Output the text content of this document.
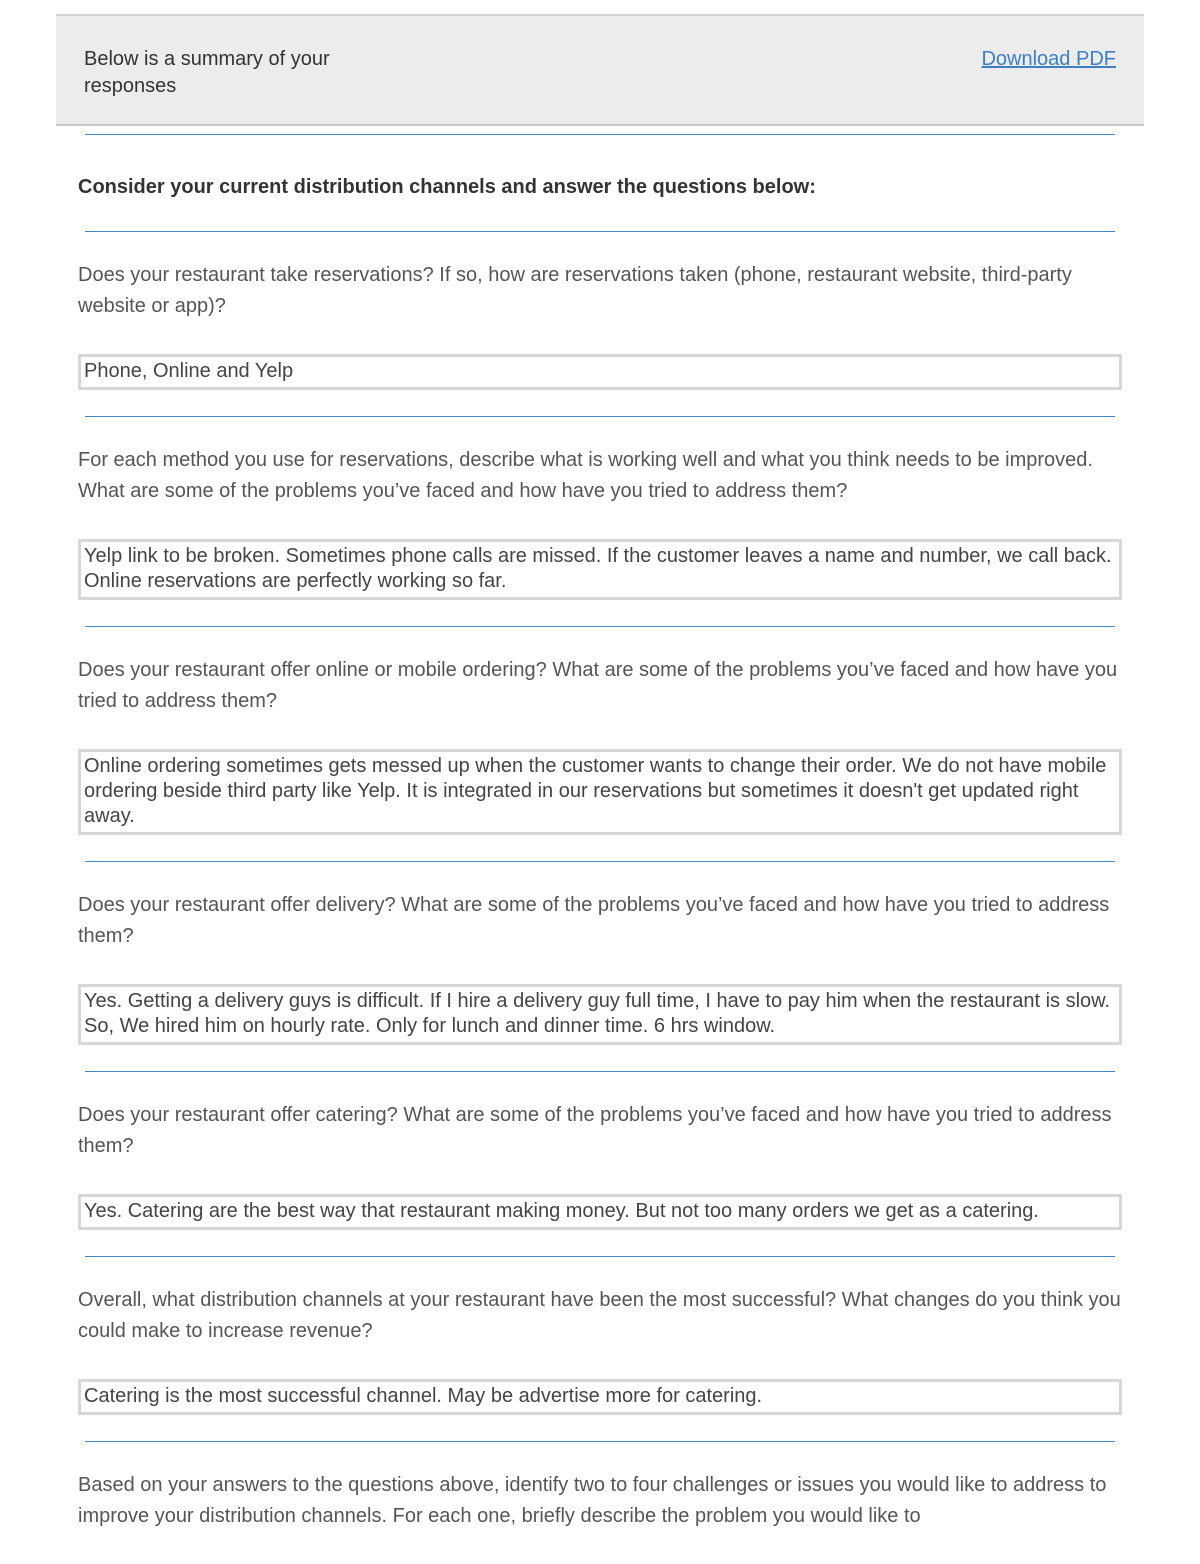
Below is a summary of your responses
Download PDF
Consider your current distribution channels and answer the questions below:
Does your restaurant take reservations? If so, how are reservations taken (phone, restaurant website, third-party website or app)?
Phone, Online and Yelp
For each method you use for reservations, describe what is working well and what you think needs to be improved. What are some of the problems you’ve faced and how have you tried to address them?
Yelp link to be broken. Sometimes phone calls are missed. If the customer leaves a name and number, we call back. Online reservations are perfectly working so far.
Does your restaurant offer online or mobile ordering? What are some of the problems you’ve faced and how have you tried to address them?
Online ordering sometimes gets messed up when the customer wants to change their order. We do not have mobile ordering beside third party like Yelp. It is integrated in our reservations but sometimes it doesn't get updated right away.
Does your restaurant offer delivery? What are some of the problems you’ve faced and how have you tried to address them?
Yes. Getting a delivery guys is difficult. If I hire a delivery guy full time, I have to pay him when the restaurant is slow. So, We hired him on hourly rate. Only for lunch and dinner time. 6 hrs window.
Does your restaurant offer catering? What are some of the problems you’ve faced and how have you tried to address them?
Yes. Catering are the best way that restaurant making money. But not too many orders we get as a catering.
Overall, what distribution channels at your restaurant have been the most successful? What changes do you think you could make to increase revenue?
Catering is the most successful channel. May be advertise more for catering.
Based on your answers to the questions above, identify two to four challenges or issues you would like to address to improve your distribution channels. For each one, briefly describe the problem you would like to
